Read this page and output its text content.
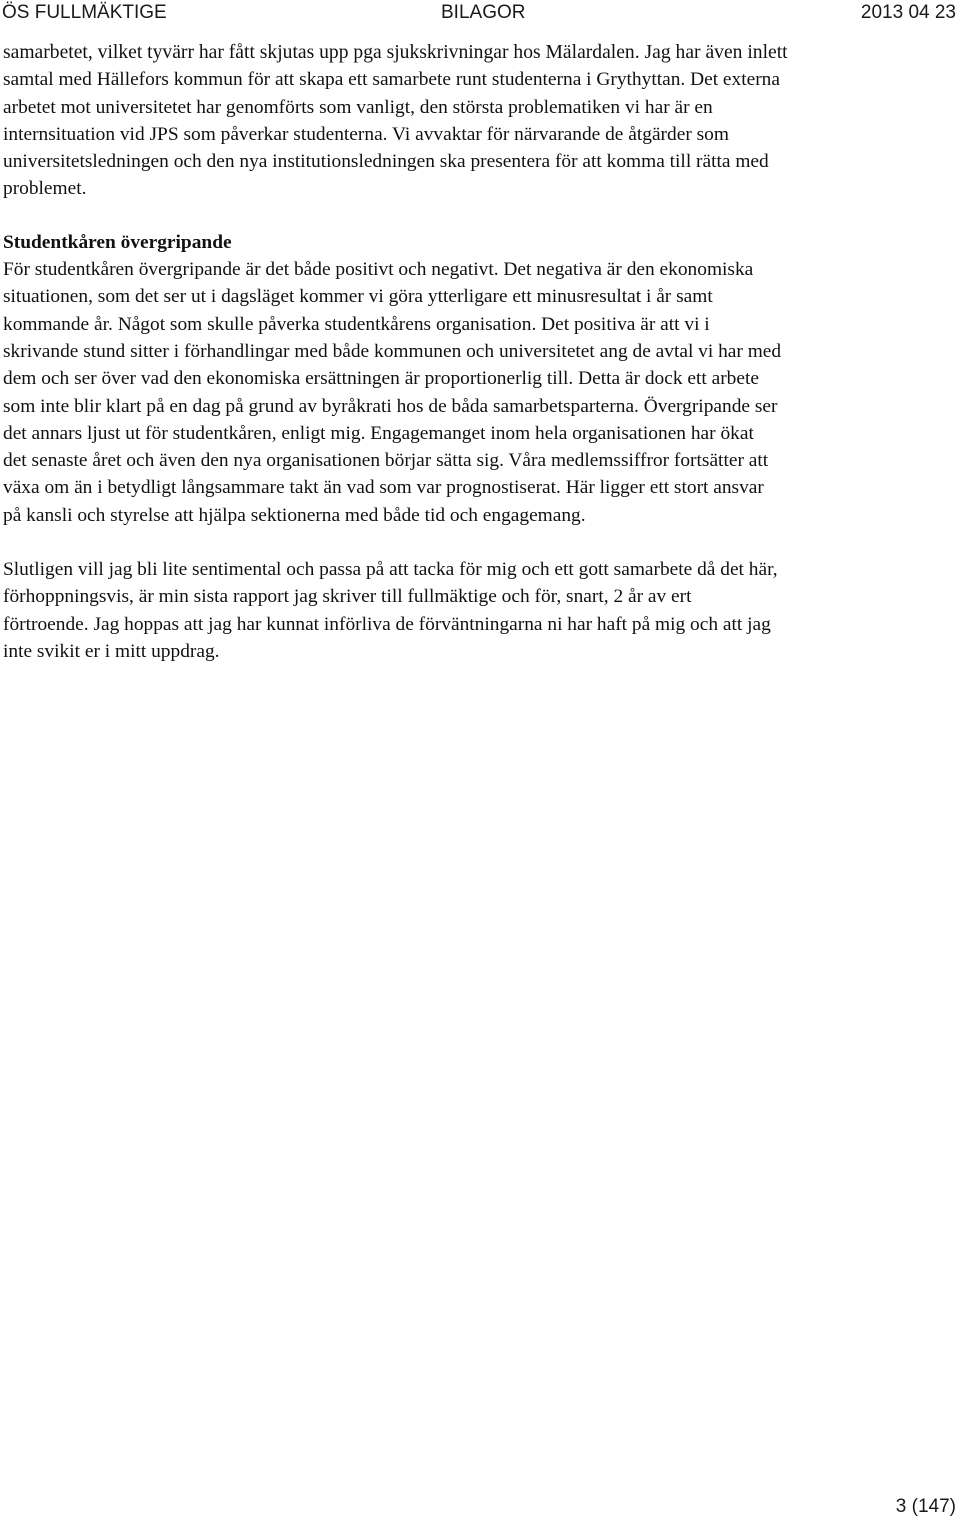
ÖS FULLMÄKTIGE	BILAGOR	2013 04 23

samarbetet, vilket tyvärr har fått skjutas upp pga sjukskrivningar hos Mälardalen. Jag har även inlett
samtal med Hällefors kommun för att skapa ett samarbete runt studenterna i Grythyttan. Det externa
arbetet mot universitetet har genomförts som vanligt, den största problematiken vi har är en
internsituation vid JPS som påverkar studenterna. Vi avvaktar för närvarande de åtgärder som
universitetsledningen och den nya institutionsledningen ska presentera för att komma till rätta med
problemet.

Studentkåren övergripande

För studentkåren övergripande är det både positivt och negativt. Det negativa är den ekonomiska
situationen, som det ser ut i dagsläget kommer vi göra ytterligare ett minusresultat i år samt
kommande år. Något som skulle påverka studentkårens organisation. Det positiva är att vi i
skrivande stund sitter i förhandlingar med både kommunen och universitetet ang de avtal vi har med
dem och ser över vad den ekonomiska ersättningen är proportionerlig till. Detta är dock ett arbete
som inte blir klart på en dag på grund av byråkrati hos de båda samarbetsparterna. Övergripande ser
det annars ljust ut för studentkåren, enligt mig. Engagemanget inom hela organisationen har ökat
det senaste året och även den nya organisationen börjar sätta sig. Våra medlemssiffror fortsätter att
växa om än i betydligt långsammare takt än vad som var prognostiserat. Här ligger ett stort ansvar
på kansli och styrelse att hjälpa sektionerna med både tid och engagemang.

Slutligen vill jag bli lite sentimental och passa på att tacka för mig och ett gott samarbete då det här,
förhoppningsvis, är min sista rapport jag skriver till fullmäktige och för, snart, 2 år av ert
förtroende. Jag hoppas att jag har kunnat införliva de förväntningarna ni har haft på mig och att jag
inte svikit er i mitt uppdrag.

3 (147)
